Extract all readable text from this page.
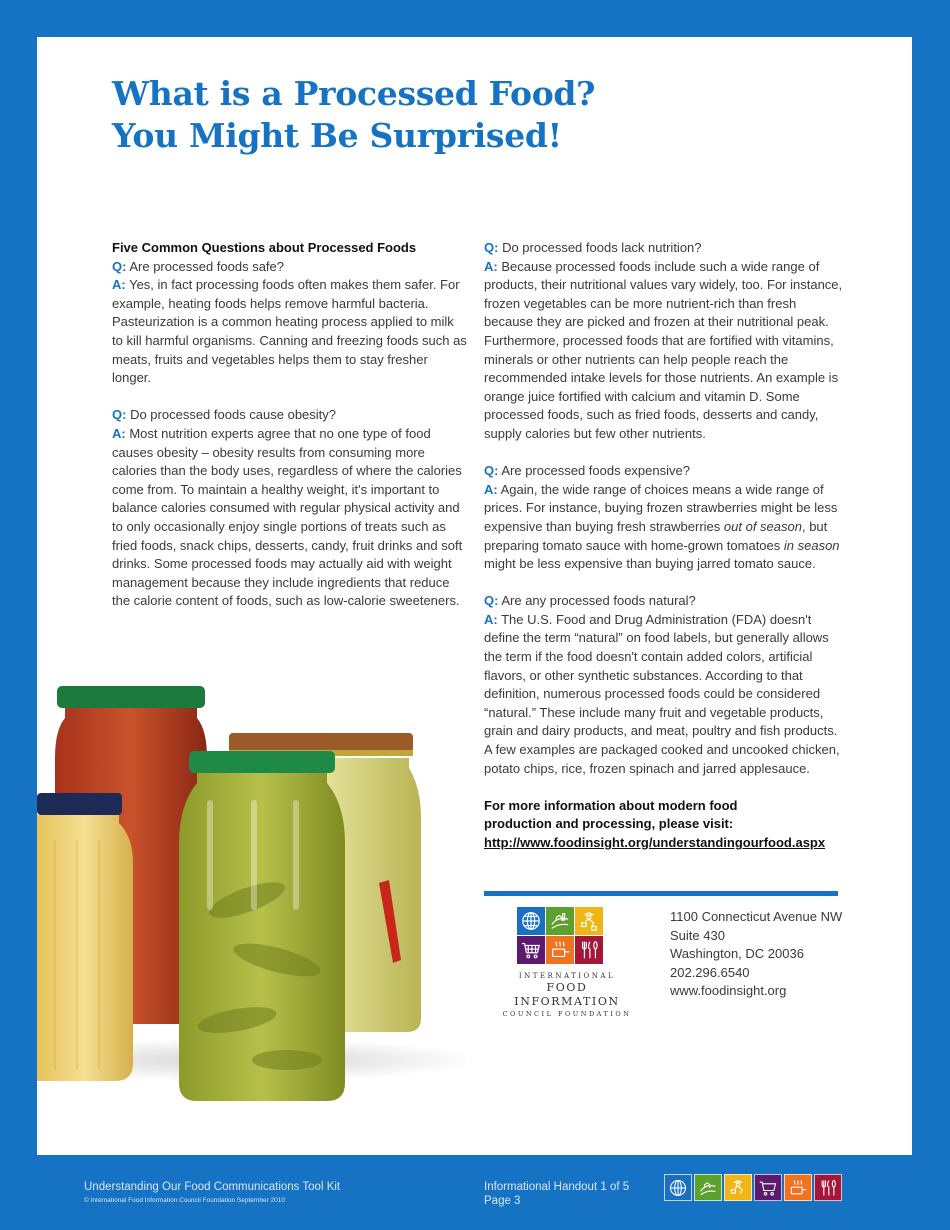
What is a Processed Food?
You Might Be Surprised!
Five Common Questions about Processed Foods
Q: Are processed foods safe?
A: Yes, in fact processing foods often makes them safer. For example, heating foods helps remove harmful bacteria. Pasteurization is a common heating process applied to milk to kill harmful organisms. Canning and freezing foods such as meats, fruits and vegetables helps them to stay fresher longer.
Q: Do processed foods cause obesity?
A: Most nutrition experts agree that no one type of food causes obesity – obesity results from consuming more calories than the body uses, regardless of where the calories come from. To maintain a healthy weight, it's important to balance calories consumed with regular physical activity and to only occasionally enjoy single portions of treats such as fried foods, snack chips, desserts, candy, fruit drinks and soft drinks. Some processed foods may actually aid with weight management because they include ingredients that reduce the calorie content of foods, such as low-calorie sweeteners.
Q: Do processed foods lack nutrition?
A: Because processed foods include such a wide range of products, their nutritional values vary widely, too. For instance, frozen vegetables can be more nutrient-rich than fresh because they are picked and frozen at their nutritional peak. Furthermore, processed foods that are fortified with vitamins, minerals or other nutrients can help people reach the recommended intake levels for those nutrients. An example is orange juice fortified with calcium and vitamin D. Some processed foods, such as fried foods, desserts and candy, supply calories but few other nutrients.
Q: Are processed foods expensive?
A: Again, the wide range of choices means a wide range of prices. For instance, buying frozen strawberries might be less expensive than buying fresh strawberries out of season, but preparing tomato sauce with home-grown tomatoes in season might be less expensive than buying jarred tomato sauce.
Q: Are any processed foods natural?
A: The U.S. Food and Drug Administration (FDA) doesn't define the term “natural” on food labels, but generally allows the term if the food doesn't contain added colors, artificial flavors, or other synthetic substances. According to that definition, numerous processed foods could be considered “natural.” These include many fruit and vegetable products, grain and dairy products, and meat, poultry and fish products. A few examples are packaged cooked and uncooked chicken, potato chips, rice, frozen spinach and jarred applesauce.
For more information about modern food production and processing, please visit:
http://www.foodinsight.org/understandingourfood.aspx
INTERNATIONAL
FOOD INFORMATION
COUNCIL FOUNDATION
1100 Connecticut Avenue NW
Suite 430
Washington, DC 20036
202.296.6540
www.foodinsight.org
Understanding Our Food Communications Tool Kit
© International Food Information Council Foundation September 2010
Informational Handout 1 of 5
Page 3
